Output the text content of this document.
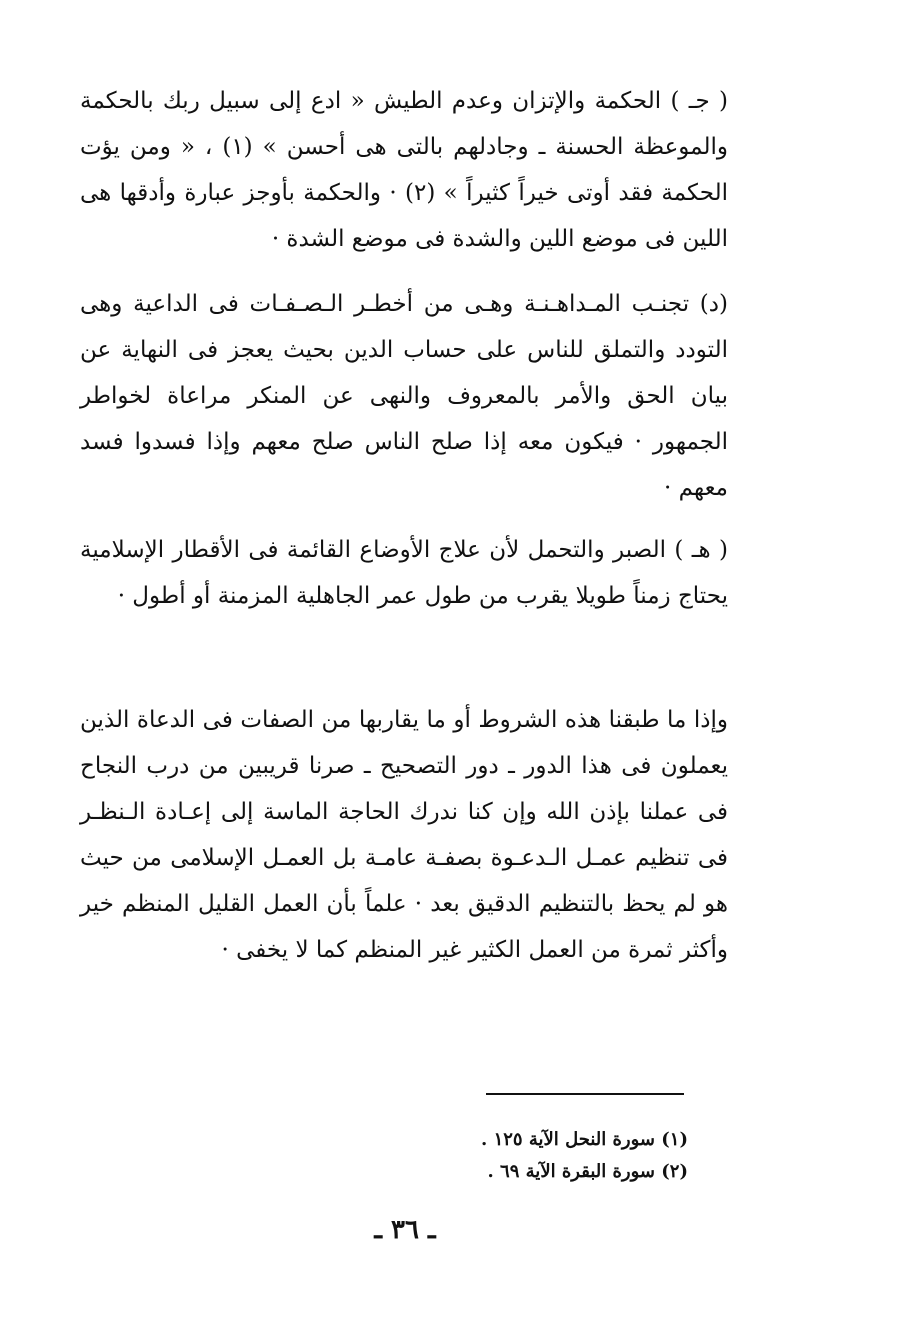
( جـ ) الحكمة والإتزان وعدم الطيش « ادع إلى سبيل ربك بالحكمة والموعظة الحسنة ـ وجادلهم بالتى هى أحسن » (١) ، « ومن يؤت الحكمة فقد أوتى خيراً كثيراً » (٢) · والحكمة بأوجز عبارة وأدقها هى اللين فى موضع اللين والشدة فى موضع الشدة ·

(د) تجنـب المـداهـنـة وهـى من أخطـر الـصـفـات فى الداعية وهى التودد والتملق للناس على حساب الدين بحيث يعجز فى النهاية عن بيان الحق والأمر بالمعروف والنهى عن المنكر مراعاة لخواطر الجمهور · فيكون معه إذا صلح الناس صلح معهم وإذا فسدوا فسد معهم ·

( هـ ) الصبر والتحمل لأن علاج الأوضاع القائمة فى الأقطار الإسلامية يحتاج زمناً طويلا يقرب من طول عمر الجاهلية المزمنة أو أطول ·

وإذا ما طبقنا هذه الشروط أو ما يقاربها من الصفات فى الدعاة الذين يعملون فى هذا الدور ـ دور التصحيح ـ صرنا قريبين من درب النجاح فى عملنا بإذن الله وإن كنا ندرك الحاجة الماسة إلى إعـادة الـنظـر فى تنظيم عمـل الـدعـوة بصفـة عامـة بل العمـل الإسلامى من حيث هو لم يحظ بالتنظيم الدقيق بعد · علماً بأن العمل القليل المنظم خير وأكثر ثمرة من العمل الكثير غير المنظم كما لا يخفى ·

(١) سورة النحل الآية ١٢٥ .
(٢) سورة البقرة الآية ٦٩ .
ـ ٣٦ ـ
